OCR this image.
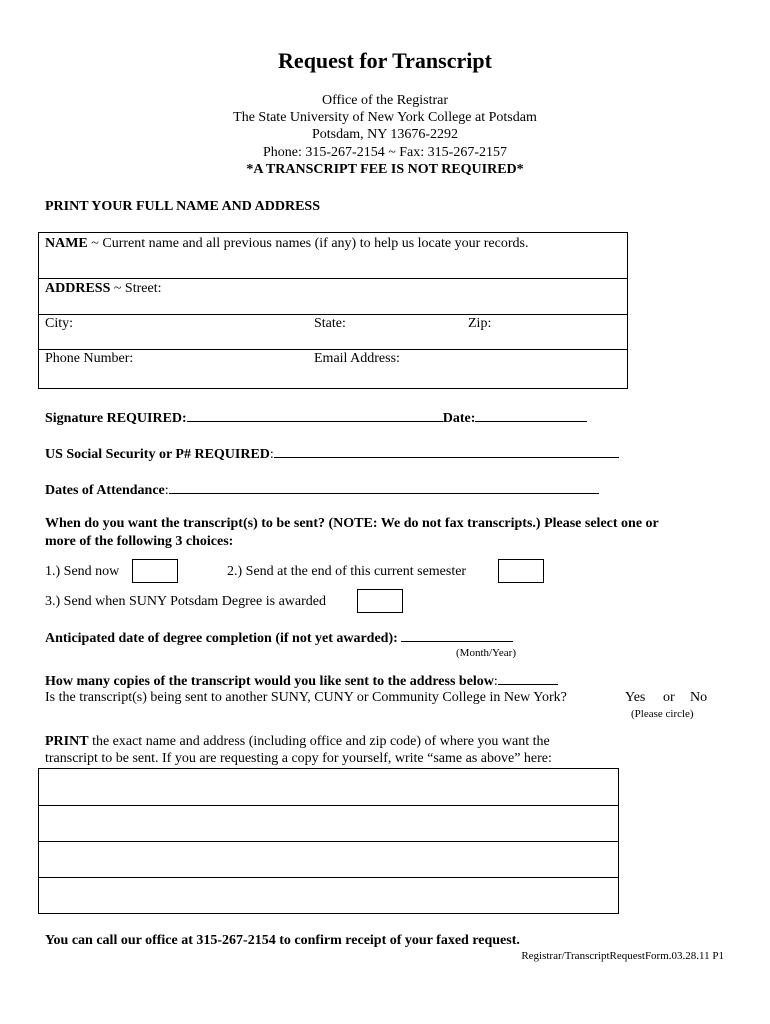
Request for Transcript
Office of the Registrar
The State University of New York College at Potsdam
Potsdam, NY 13676-2292
Phone: 315-267-2154 ~ Fax: 315-267-2157
*A TRANSCRIPT FEE IS NOT REQUIRED*
PRINT YOUR FULL NAME AND ADDRESS
NAME ~ Current name and all previous names (if any) to help us locate your records.
ADDRESS ~ Street:
City:	State:	Zip:
Phone Number:	Email Address:
Signature REQUIRED:	Date:
US Social Security or P# REQUIRED:
Dates of Attendance:
When do you want the transcript(s) to be sent? (NOTE: We do not fax transcripts.) Please select one or
more of the following 3 choices:
1.) Send now	2.) Send at the end of this current semester
3.) Send when SUNY Potsdam Degree is awarded
Anticipated date of degree completion (if not yet awarded):
(Month/Year)
How many copies of the transcript would you like sent to the address below:
Is the transcript(s) being sent to another SUNY, CUNY or Community College in New York?	Yes or No
(Please circle)
PRINT the exact name and address (including office and zip code) of where you want the
transcript to be sent. If you are requesting a copy for yourself, write “same as above” here:
You can call our office at 315-267-2154 to confirm receipt of your faxed request.
Registrar/TranscriptRequestForm.03.28.11 P1
